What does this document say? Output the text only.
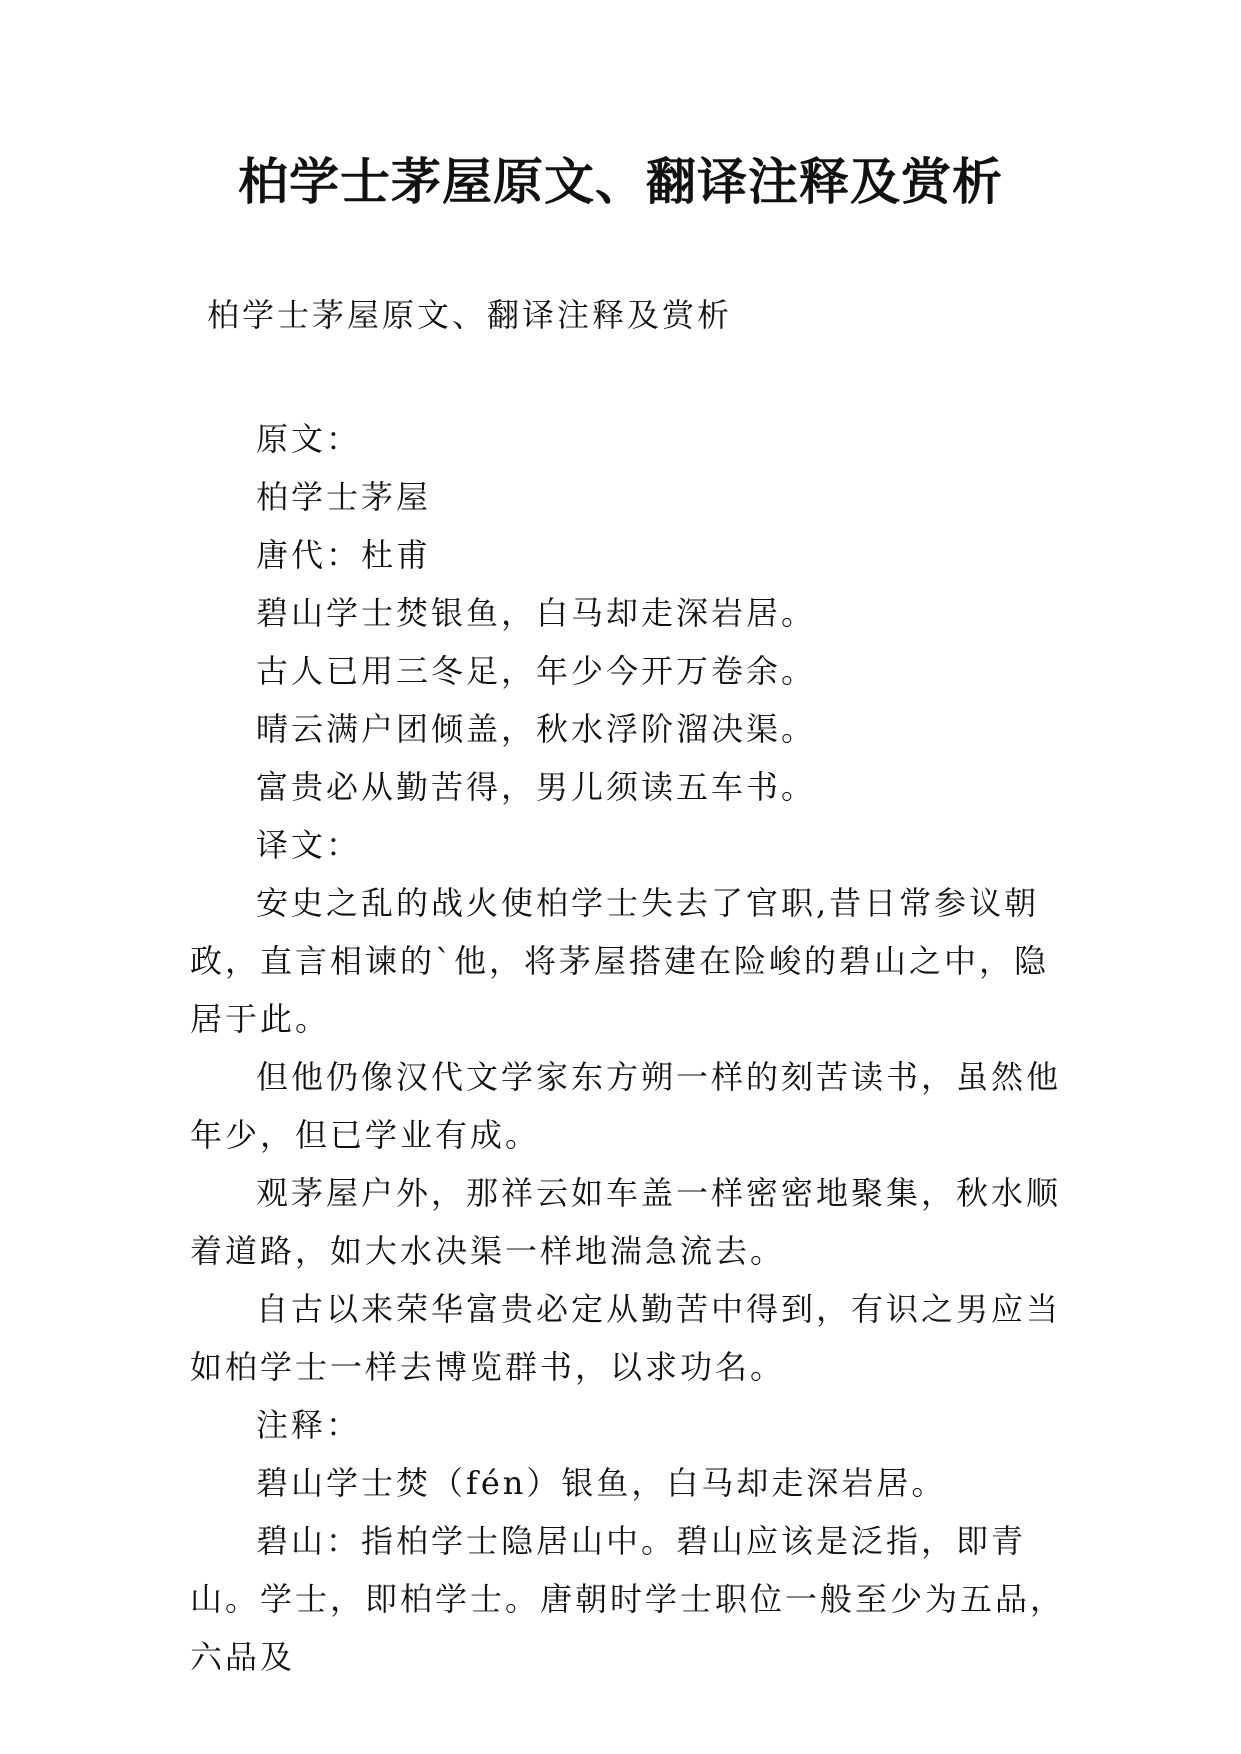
柏学士茅屋原文、翻译注释及赏析

柏学士茅屋原文、翻译注释及赏析

原文：

柏学士茅屋

唐代：杜甫

碧山学士焚银鱼，白马却走深岩居。

古人已用三冬足，年少今开万卷余。

晴云满户团倾盖，秋水浮阶溜决渠。

富贵必从勤苦得，男儿须读五车书。

译文：

安史之乱的战火使柏学士失去了官职,昔日常参议朝政，直言相谏的`他，将茅屋搭建在险峻的碧山之中，隐居于此。

但他仍像汉代文学家东方朔一样的刻苦读书，虽然他年少，但已学业有成。

观茅屋户外，那祥云如车盖一样密密地聚集，秋水顺着道路，如大水决渠一样地湍急流去。

自古以来荣华富贵必定从勤苦中得到，有识之男应当如柏学士一样去博览群书，以求功名。

注释：

碧山学士焚（fén）银鱼，白马却走深岩居。

碧山：指柏学士隐居山中。碧山应该是泛指，即青山。学士，即柏学士。唐朝时学士职位一般至少为五品，六品及
